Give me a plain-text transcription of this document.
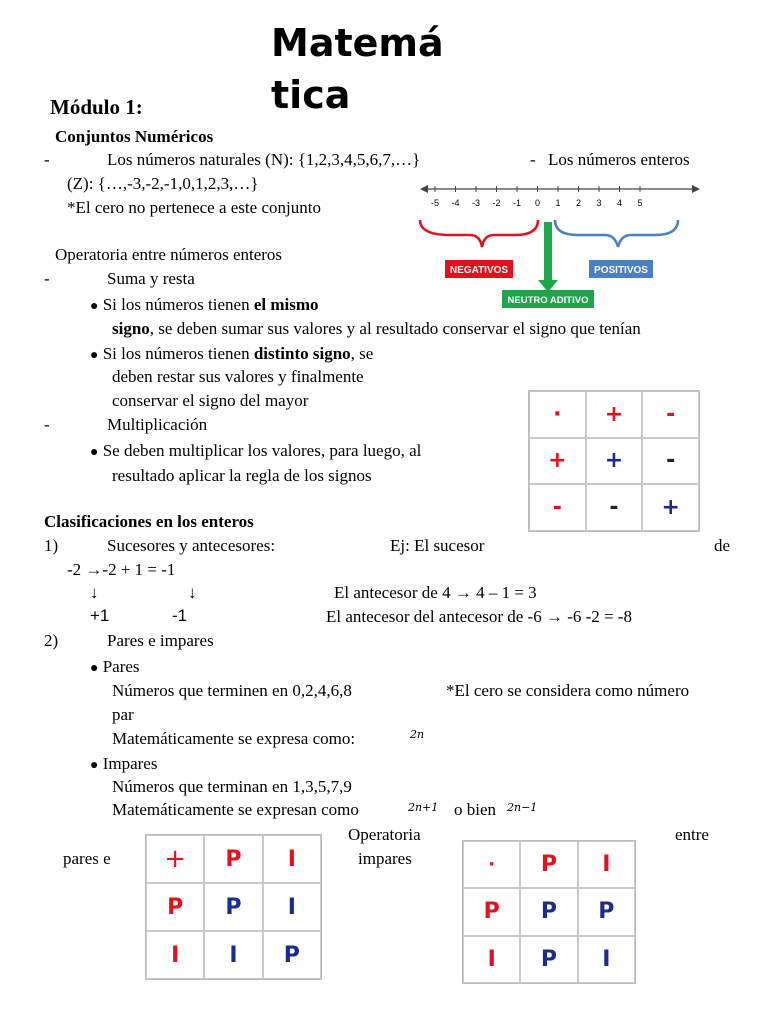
Matemá
tica
Módulo 1:
Conjuntos Numéricos
-	Los números naturales (N): {1,2,3,4,5,6,7,…}	- Los números enteros
(Z): {…,-3,-2,-1,0,1,2,3,…}
*El cero no pertenece a este conjunto	-5 -4 -3 -2 -1 0 1 2 3 4 5
NEGATIVOS	POSITIVOS
NEUTRO ADITIVO
Operatoria entre números enteros
-	Suma y resta
● Si los números tienen el mismo
signo, se deben sumar sus valores y al resultado conservar el signo que tenían
● Si los números tienen distinto signo, se
deben restar sus valores y finalmente
conservar el signo del mayor
-	Multiplicación
● Se deben multiplicar los valores, para luego, al
resultado aplicar la regla de los signos
·	+	-
+	+	-
-	-	+
Clasificaciones en los enteros
1)	Sucesores y antecesores:	Ej: El sucesor	de
-2 →-2 + 1 = -1
↓	↓	El antecesor de 4 → 4 – 1 = 3
+1	-1	El antecesor del antecesor de -6 → -6 -2 = -8
2)	Pares e impares
● Pares
Números que terminen en 0,2,4,6,8	*El cero se considera como número
par
Matemáticamente se expresa como:	2n
● Impares
Números que terminan en 1,3,5,7,9
Matemáticamente se expresan como	2n+1 o bien 2n−1
Operatoria	entre
pares e	impares
+	P	I
P	P	I
I	I	P
·	P	I
P	P	P
I	P	I
